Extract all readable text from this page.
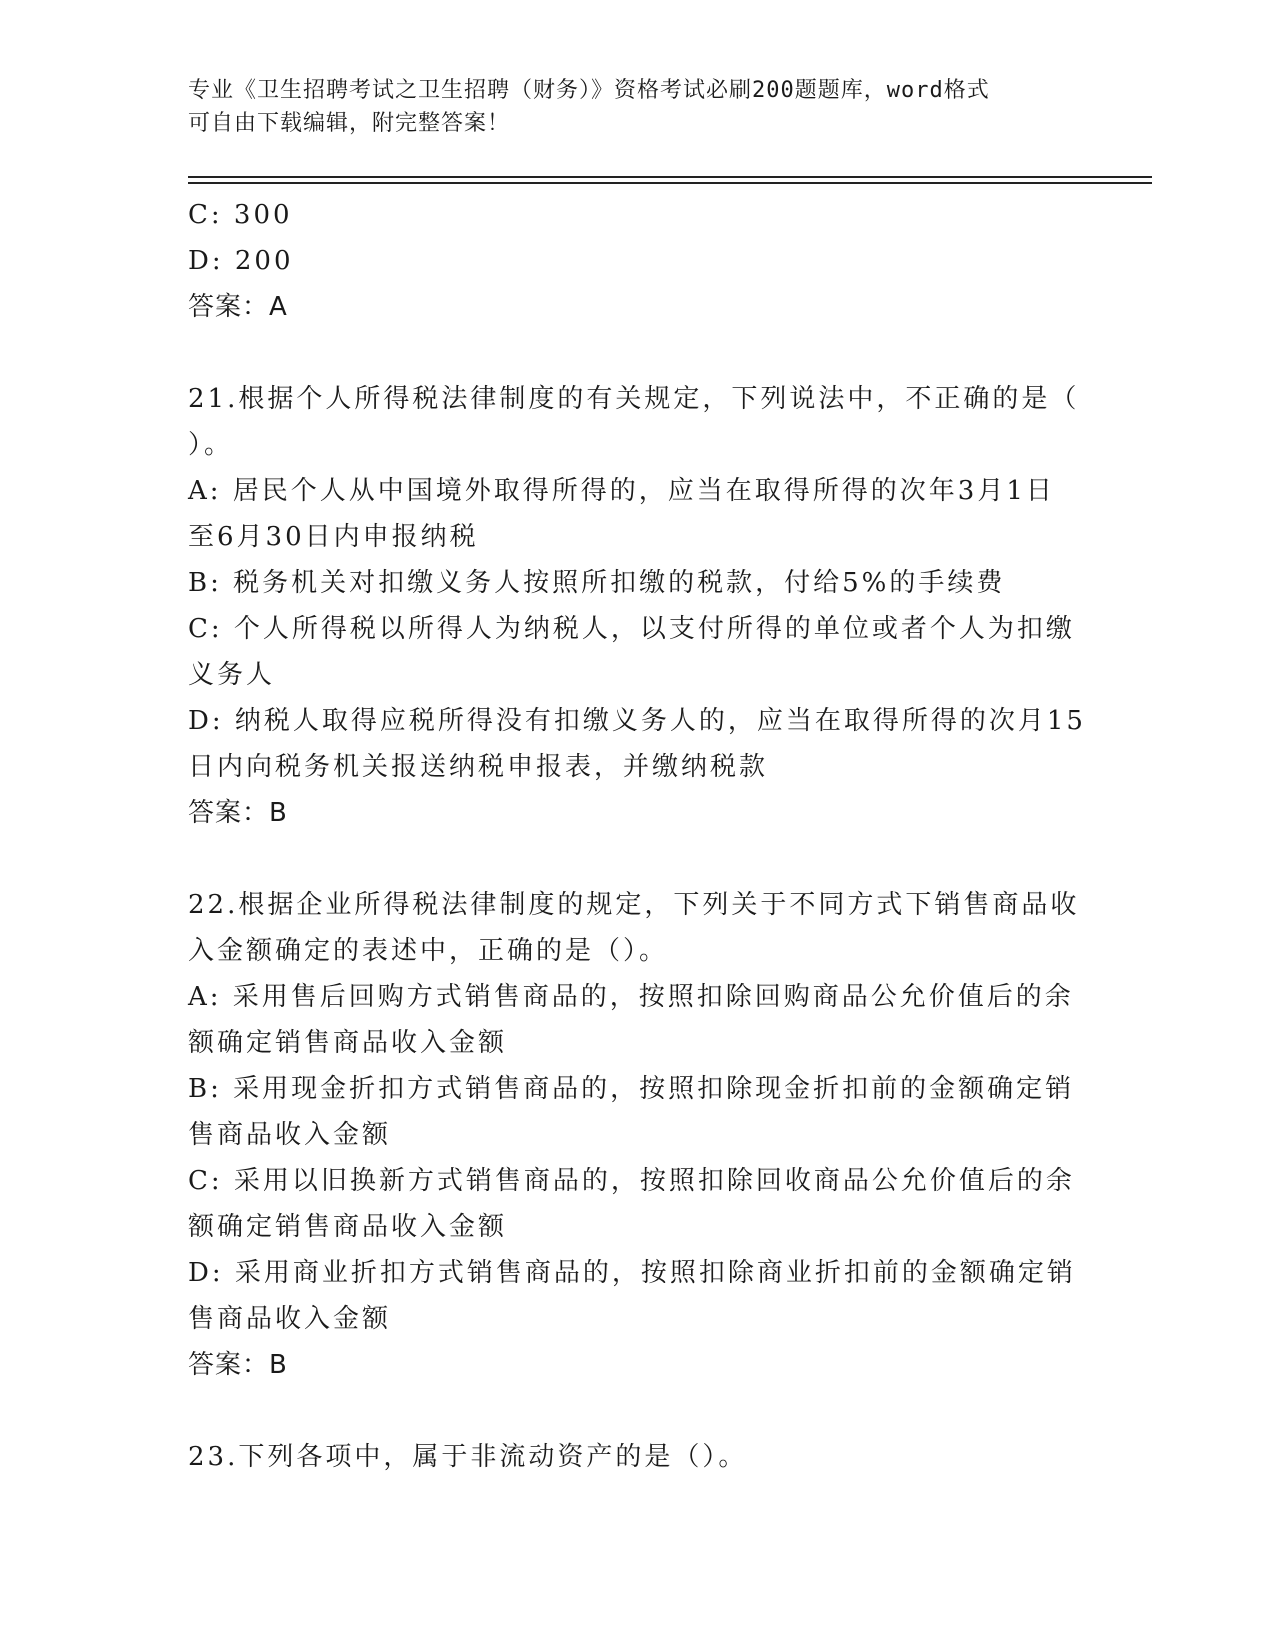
专业《卫生招聘考试之卫生招聘（财务）》资格考试必刷200题题库，word格式
可自由下载编辑，附完整答案！
C: 300
D: 200
答案：A
21.根据个人所得税法律制度的有关规定，下列说法中，不正确的是（
）。
A: 居民个人从中国境外取得所得的，应当在取得所得的次年3月1日
至6月30日内申报纳税
B: 税务机关对扣缴义务人按照所扣缴的税款，付给5%的手续费
C: 个人所得税以所得人为纳税人，以支付所得的单位或者个人为扣缴
义务人
D: 纳税人取得应税所得没有扣缴义务人的，应当在取得所得的次月15
日内向税务机关报送纳税申报表，并缴纳税款
答案：B
22.根据企业所得税法律制度的规定，下列关于不同方式下销售商品收
入金额确定的表述中，正确的是（）。
A: 采用售后回购方式销售商品的，按照扣除回购商品公允价值后的余
额确定销售商品收入金额
B: 采用现金折扣方式销售商品的，按照扣除现金折扣前的金额确定销
售商品收入金额
C: 采用以旧换新方式销售商品的，按照扣除回收商品公允价值后的余
额确定销售商品收入金额
D: 采用商业折扣方式销售商品的，按照扣除商业折扣前的金额确定销
售商品收入金额
答案：B
23.下列各项中，属于非流动资产的是（）。
